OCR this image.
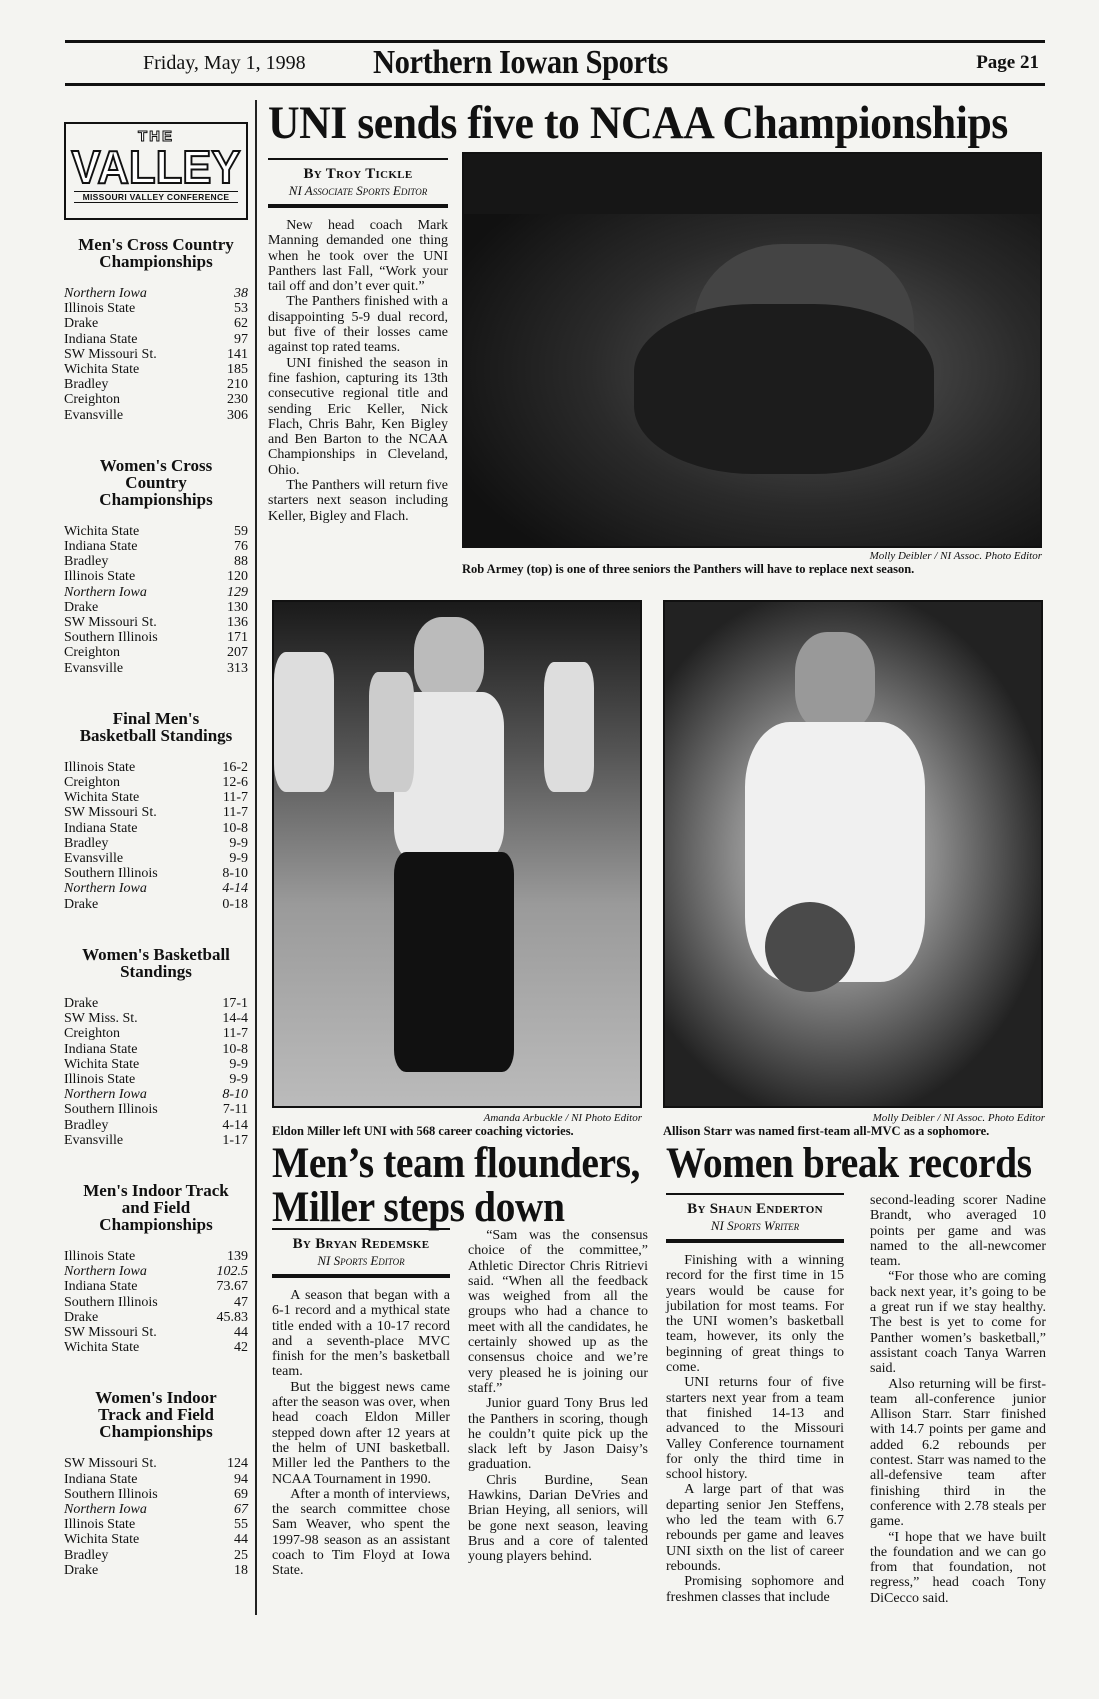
Friday, May 1, 1998	Northern Iowan Sports	Page 21
THE
VALLEY
MISSOURI VALLEY CONFERENCE
Men's Cross Country Championships
Northern Iowa	38
Illinois State	53
Drake	62
Indiana State	97
SW Missouri St.	141
Wichita State	185
Bradley	210
Creighton	230
Evansville	306
Women's Cross Country Championships
Wichita State	59
Indiana State	76
Bradley	88
Illinois State	120
Northern Iowa	129
Drake	130
SW Missouri St.	136
Southern Illinois	171
Creighton	207
Evansville	313
Final Men's Basketball Standings
Illinois State	16-2
Creighton	12-6
Wichita State	11-7
SW Missouri St.	11-7
Indiana State	10-8
Bradley	9-9
Evansville	9-9
Southern Illinois	8-10
Northern Iowa	4-14
Drake	0-18
Women's Basketball Standings
Drake	17-1
SW Miss. St.	14-4
Creighton	11-7
Indiana State	10-8
Wichita State	9-9
Illinois State	9-9
Northern Iowa	8-10
Southern Illinois	7-11
Bradley	4-14
Evansville	1-17
Men's Indoor Track and Field Championships
Illinois State	139
Northern Iowa	102.5
Indiana State	73.67
Southern Illinois	47
Drake	45.83
SW Missouri St.	44
Wichita State	42
Women's Indoor Track and Field Championships
SW Missouri St.	124
Indiana State	94
Southern Illinois	69
Northern Iowa	67
Illinois State	55
Wichita State	44
Bradley	25
Drake	18
UNI sends five to NCAA Championships
By Troy Tickle
NI Associate Sports Editor

New head coach Mark Manning demanded one thing when he took over the UNI Panthers last Fall, “Work your tail off and don’t ever quit.”

The Panthers finished with a disappointing 5-9 dual record, but five of their losses came against top rated teams.

UNI finished the season in fine fashion, capturing its 13th consecutive regional title and sending Eric Keller, Nick Flach, Chris Bahr, Ken Bigley and Ben Barton to the NCAA Championships in Cleveland, Ohio.

The Panthers will return five starters next season including Keller, Bigley and Flach.

Molly Deibler / NI Assoc. Photo Editor
Rob Armey (top) is one of three seniors the Panthers will have to replace next season.
Amanda Arbuckle / NI Photo Editor
Eldon Miller left UNI with 568 career coaching victories.
Molly Deibler / NI Assoc. Photo Editor
Allison Starr was named first-team all-MVC as a sophomore.
Men’s team flounders,
Miller steps down
By Bryan Redemske
NI Sports Editor

A season that began with a 6-1 record and a mythical state title ended with a 10-17 record and a seventh-place MVC finish for the men’s basketball team.

But the biggest news came after the season was over, when head coach Eldon Miller stepped down after 12 years at the helm of UNI basketball. Miller led the Panthers to the NCAA Tournament in 1990.

After a month of interviews, the search committee chose Sam Weaver, who spent the 1997-98 season as an assistant coach to Tim Floyd at Iowa State.

“Sam was the consensus choice of the committee,” Athletic Director Chris Ritrievi said. “When all the feedback was weighed from all the groups who had a chance to meet with all the candidates, he certainly showed up as the consensus choice and we’re very pleased he is joining our staff.”

Junior guard Tony Brus led the Panthers in scoring, though he couldn’t quite pick up the slack left by Jason Daisy’s graduation.

Chris Burdine, Sean Hawkins, Darian DeVries and Brian Heying, all seniors, will be gone next season, leaving Brus and a core of talented young players behind.

Women break records
By Shaun Enderton
NI Sports Writer

Finishing with a winning record for the first time in 15 years would be cause for jubilation for most teams. For the UNI women’s basketball team, however, its only the beginning of great things to come.

UNI returns four of five starters next year from a team that finished 14-13 and advanced to the Missouri Valley Conference tournament for only the third time in school history.

A large part of that was departing senior Jen Steffens, who led the team with 6.7 rebounds per game and leaves UNI sixth on the list of career rebounds.

Promising sophomore and freshmen classes that include

second-leading scorer Nadine Brandt, who averaged 10 points per game and was named to the all-newcomer team.

“For those who are coming back next year, it’s going to be a great run if we stay healthy. The best is yet to come for Panther women’s basketball,” assistant coach Tanya Warren said.

Also returning will be first-team all-conference junior Allison Starr. Starr finished with 14.7 points per game and added 6.2 rebounds per contest. Starr was named to the all-defensive team after finishing third in the conference with 2.78 steals per game.

“I hope that we have built the foundation and we can go from that foundation, not regress,” head coach Tony DiCecco said.
